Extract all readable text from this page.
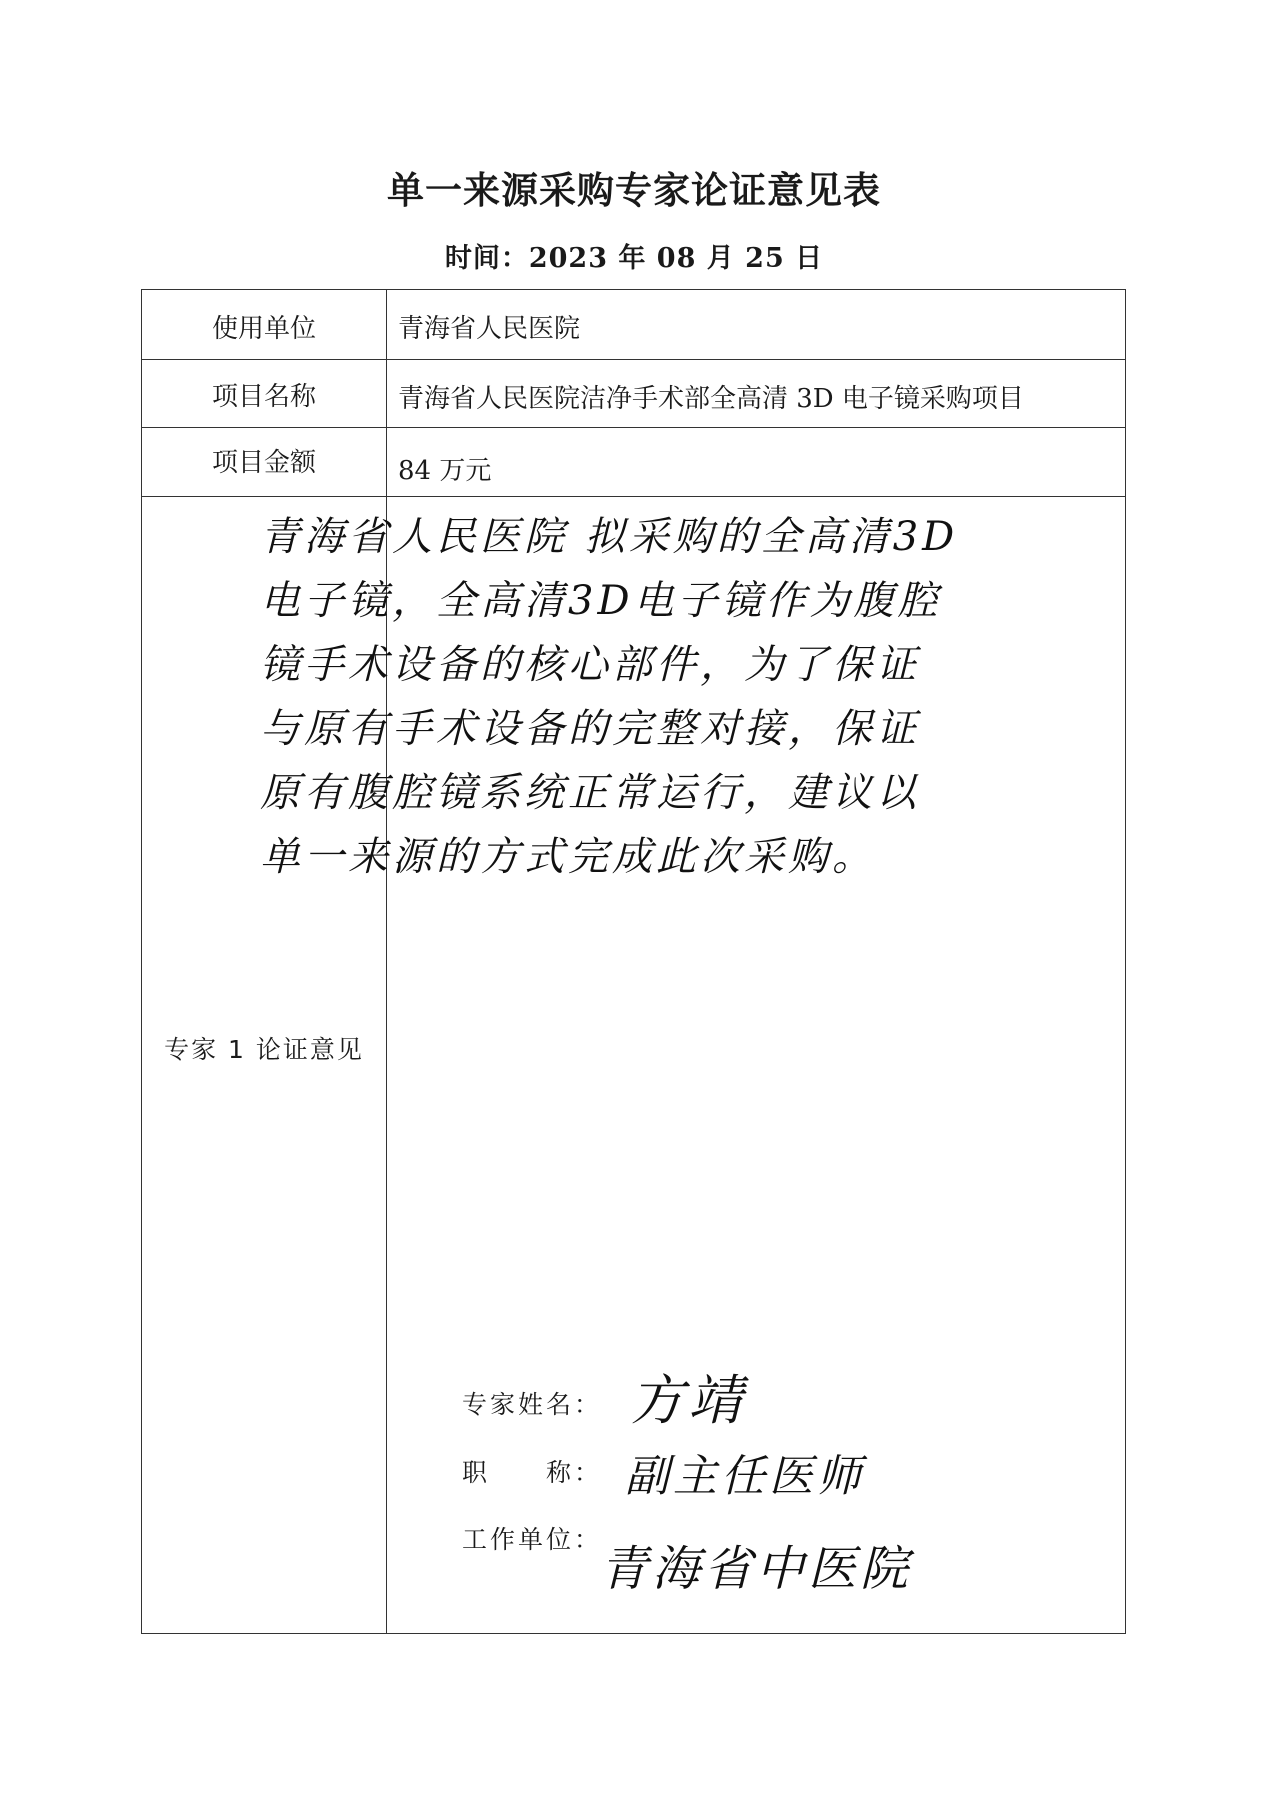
单一来源采购专家论证意见表
时间：2023 年 08 月 25 日
使用单位	青海省人民医院
项目名称	青海省人民医院洁净手术部全高清 3D 电子镜采购项目
项目金额	84 万元
专家 1 论证意见

青海省人民医院 拟采购的全高清3D

电子镜，全高清3D电子镜作为腹腔

镜手术设备的核心部件，为了保证

与原有手术设备的完整对接，保证

原有腹腔镜系统正常运行，建议以

单一来源的方式完成此次采购。

专家姓名： 方靖
职　　称： 副主任医师
工作单位：
青海省中医院
